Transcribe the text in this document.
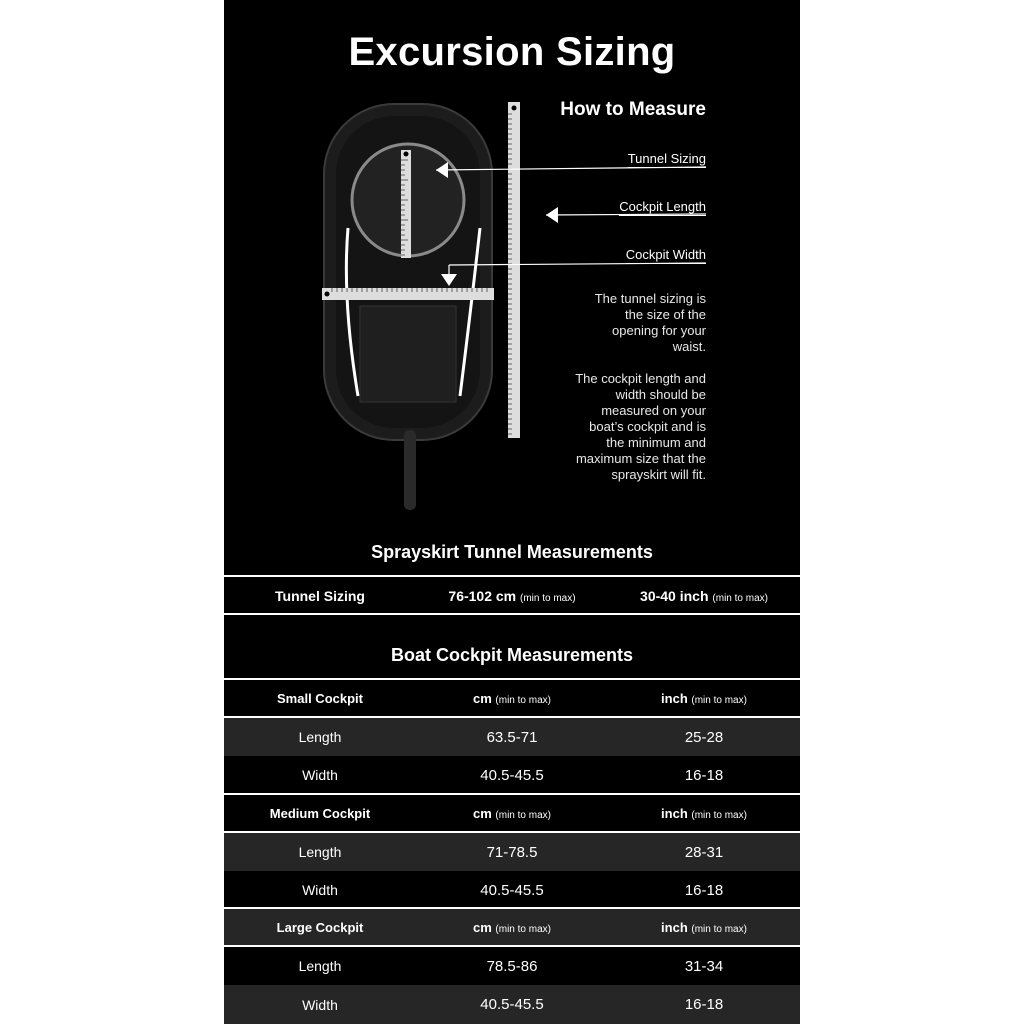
Excursion Sizing
How to Measure
Tunnel Sizing
Cockpit Length
Cockpit Width
The tunnel sizing is the size of the opening for your waist.
The cockpit length and width should be measured on your boat’s cockpit and is the minimum and maximum size that the sprayskirt will fit.
Sprayskirt Tunnel Measurements
Tunnel Sizing	76-102 cm (min to max)	30-40 inch (min to max)
Boat Cockpit Measurements
Small Cockpit	cm (min to max)	inch (min to max)
Length	63.5-71	25-28
Width	40.5-45.5	16-18
Medium Cockpit	cm (min to max)	inch (min to max)
Length	71-78.5	28-31
Width	40.5-45.5	16-18
Large Cockpit	cm (min to max)	inch (min to max)
Length	78.5-86	31-34
Width	40.5-45.5	16-18
